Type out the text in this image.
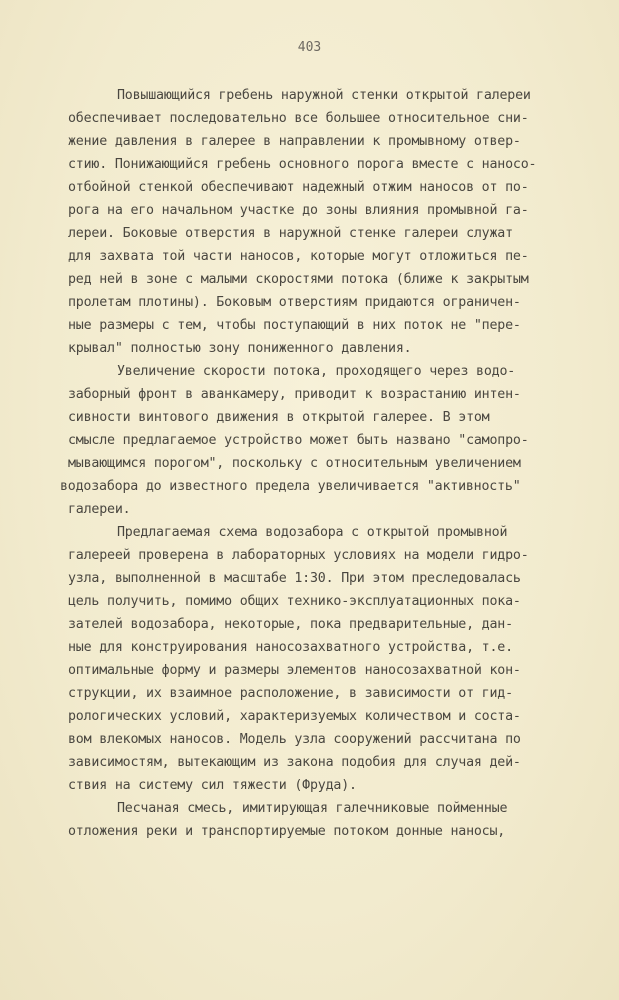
403
Повышающийся гребень наружной стенки открытой галереи
обеспечивает последовательно все большее относительное сни-
жение давления в галерее в направлении к промывному отвер-
стию. Понижающийся гребень основного порога вместе с наносо-
отбойной стенкой обеспечивают надежный отжим наносов от по-
рога на его начальном участке до зоны влияния промывной га-
лереи. Боковые отверстия в наружной стенке галереи служат
для захвата той части наносов, которые могут отложиться пе-
ред ней в зоне с малыми скоростями потока (ближе к закрытым
пролетам плотины). Боковым отверстиям придаются ограничен-
ные размеры с тем, чтобы поступающий в них поток не "пере-
крывал" полностью зону пониженного давления.
Увеличение скорости потока, проходящего через водо-
заборный фронт в аванкамеру, приводит к возрастанию интен-
сивности винтового движения в открытой галерее. В этом
смысле предлагаемое устройство может быть названо "самопро-
мывающимся порогом", поскольку с относительным увеличением
водозабора до известного предела увеличивается "активность"
галереи.
Предлагаемая схема водозабора с открытой промывной
галереей проверена в лабораторных условиях на модели гидро-
узла, выполненной в масштабе 1:30. При этом преследовалась
цель получить, помимо общих технико-эксплуатационных пока-
зателей водозабора, некоторые, пока предварительные, дан-
ные для конструирования наносозахватного устройства, т.е.
оптимальные форму и размеры элементов наносозахватной кон-
струкции, их взаимное расположение, в зависимости от гид-
рологических условий, характеризуемых количеством и соста-
вом влекомых наносов. Модель узла сооружений рассчитана по
зависимостям, вытекающим из закона подобия для случая дей-
ствия на систему сил тяжести (Фруда).
Песчаная смесь, имитирующая галечниковые пойменные
отложения реки и транспортируемые потоком донные наносы,
